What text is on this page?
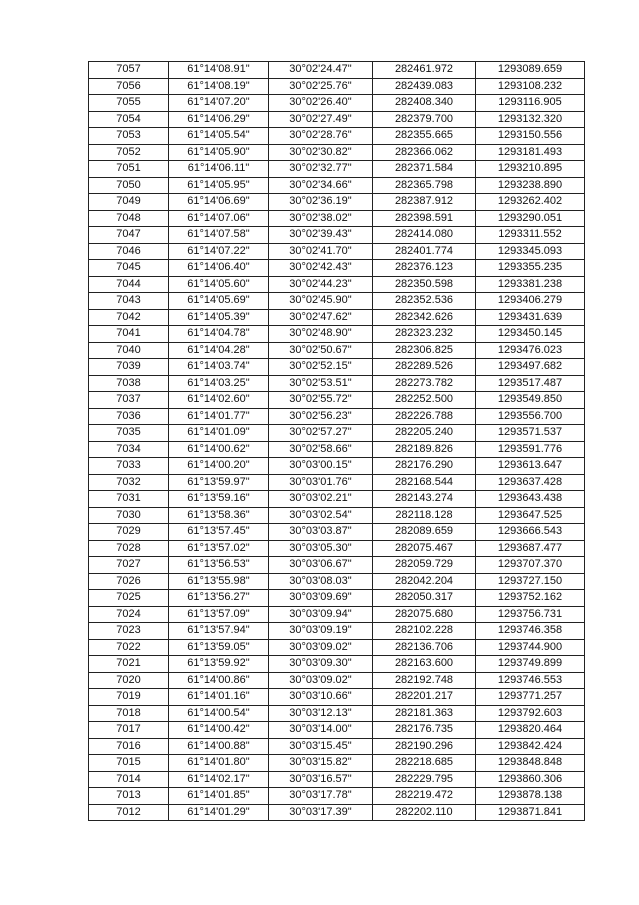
7057	61°14'08.91"	30°02'24.47"	282461.972	1293089.659
7056	61°14'08.19"	30°02'25.76"	282439.083	1293108.232
7055	61°14'07.20"	30°02'26.40"	282408.340	1293116.905
7054	61°14'06.29"	30°02'27.49"	282379.700	1293132.320
7053	61°14'05.54"	30°02'28.76"	282355.665	1293150.556
7052	61°14'05.90"	30°02'30.82"	282366.062	1293181.493
7051	61°14'06.11"	30°02'32.77"	282371.584	1293210.895
7050	61°14'05.95"	30°02'34.66"	282365.798	1293238.890
7049	61°14'06.69"	30°02'36.19"	282387.912	1293262.402
7048	61°14'07.06"	30°02'38.02"	282398.591	1293290.051
7047	61°14'07.58"	30°02'39.43"	282414.080	1293311.552
7046	61°14'07.22"	30°02'41.70"	282401.774	1293345.093
7045	61°14'06.40"	30°02'42.43"	282376.123	1293355.235
7044	61°14'05.60"	30°02'44.23"	282350.598	1293381.238
7043	61°14'05.69"	30°02'45.90"	282352.536	1293406.279
7042	61°14'05.39"	30°02'47.62"	282342.626	1293431.639
7041	61°14'04.78"	30°02'48.90"	282323.232	1293450.145
7040	61°14'04.28"	30°02'50.67"	282306.825	1293476.023
7039	61°14'03.74"	30°02'52.15"	282289.526	1293497.682
7038	61°14'03.25"	30°02'53.51"	282273.782	1293517.487
7037	61°14'02.60"	30°02'55.72"	282252.500	1293549.850
7036	61°14'01.77"	30°02'56.23"	282226.788	1293556.700
7035	61°14'01.09"	30°02'57.27"	282205.240	1293571.537
7034	61°14'00.62"	30°02'58.66"	282189.826	1293591.776
7033	61°14'00.20"	30°03'00.15"	282176.290	1293613.647
7032	61°13'59.97"	30°03'01.76"	282168.544	1293637.428
7031	61°13'59.16"	30°03'02.21"	282143.274	1293643.438
7030	61°13'58.36"	30°03'02.54"	282118.128	1293647.525
7029	61°13'57.45"	30°03'03.87"	282089.659	1293666.543
7028	61°13'57.02"	30°03'05.30"	282075.467	1293687.477
7027	61°13'56.53"	30°03'06.67"	282059.729	1293707.370
7026	61°13'55.98"	30°03'08.03"	282042.204	1293727.150
7025	61°13'56.27"	30°03'09.69"	282050.317	1293752.162
7024	61°13'57.09"	30°03'09.94"	282075.680	1293756.731
7023	61°13'57.94"	30°03'09.19"	282102.228	1293746.358
7022	61°13'59.05"	30°03'09.02"	282136.706	1293744.900
7021	61°13'59.92"	30°03'09.30"	282163.600	1293749.899
7020	61°14'00.86"	30°03'09.02"	282192.748	1293746.553
7019	61°14'01.16"	30°03'10.66"	282201.217	1293771.257
7018	61°14'00.54"	30°03'12.13"	282181.363	1293792.603
7017	61°14'00.42"	30°03'14.00"	282176.735	1293820.464
7016	61°14'00.88"	30°03'15.45"	282190.296	1293842.424
7015	61°14'01.80"	30°03'15.82"	282218.685	1293848.848
7014	61°14'02.17"	30°03'16.57"	282229.795	1293860.306
7013	61°14'01.85"	30°03'17.78"	282219.472	1293878.138
7012	61°14'01.29"	30°03'17.39"	282202.110	1293871.841
